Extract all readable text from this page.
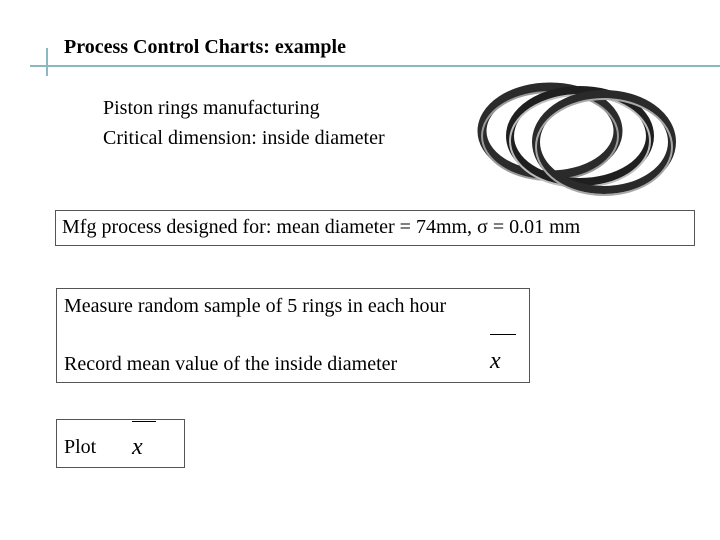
Process Control Charts: example
Piston rings manufacturing
Critical dimension: inside diameter
Mfg process designed for: mean diameter = 74mm, σ = 0.01 mm
Measure random sample of 5 rings in each hour
Record mean value of the inside diameter	x
Plot x
